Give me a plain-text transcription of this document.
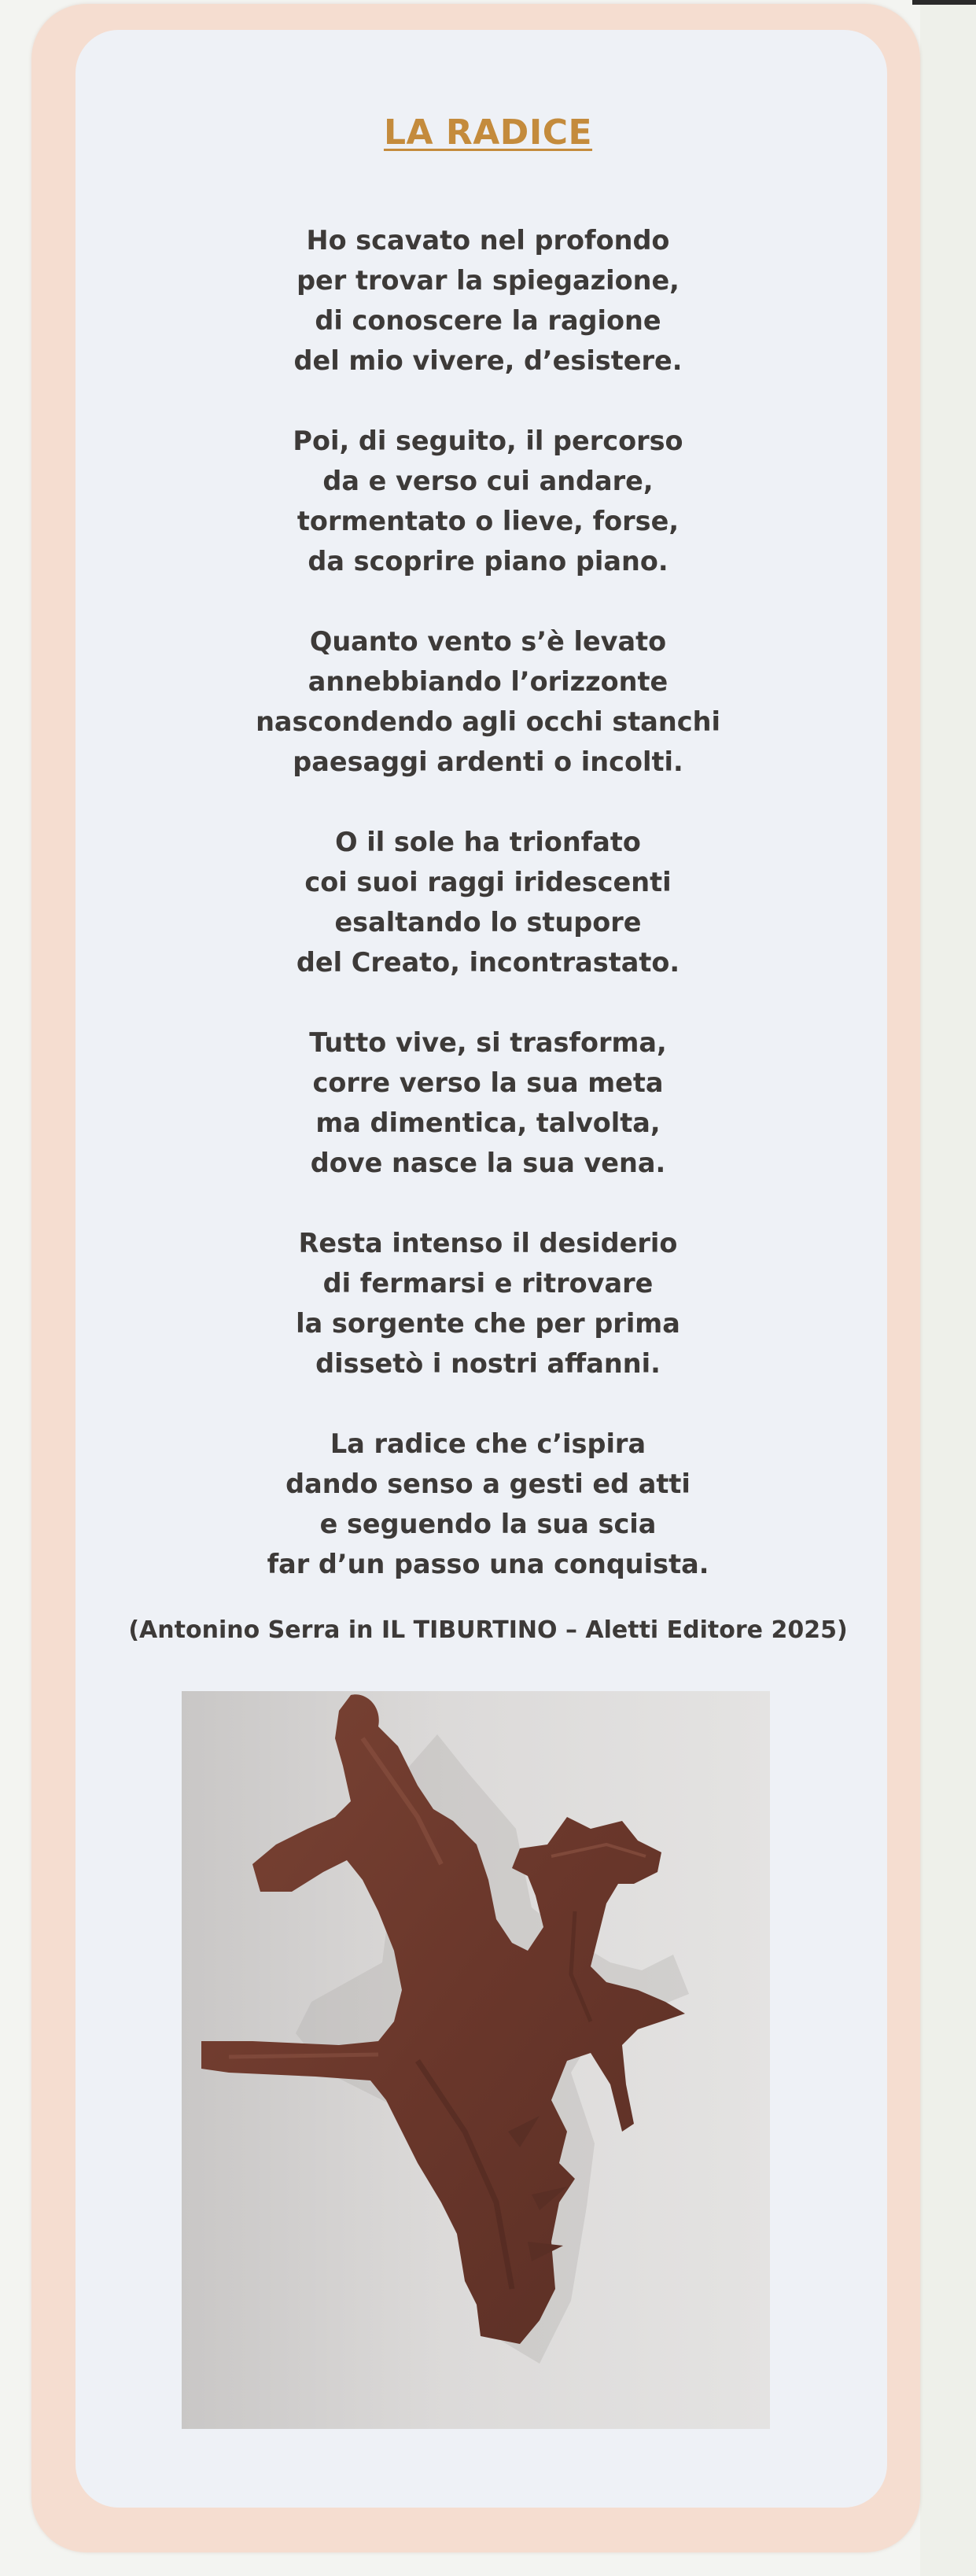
LA RADICE
Ho scavato nel profondo
per trovar la spiegazione,
di conoscere la ragione
del mio vivere, d’esistere.
Poi, di seguito, il percorso
da e verso cui andare,
tormentato o lieve, forse,
da scoprire piano piano.
Quanto vento s’è levato
annebbiando l’orizzonte
nascondendo agli occhi stanchi
paesaggi ardenti o incolti.
O il sole ha trionfato
coi suoi raggi iridescenti
esaltando lo stupore
del Creato, incontrastato.
Tutto vive, si trasforma,
corre verso la sua meta
ma dimentica, talvolta,
dove nasce la sua vena.
Resta intenso il desiderio
di fermarsi e ritrovare
la sorgente che per prima
dissetò i nostri affanni.
La radice che c’ispira
dando senso a gesti ed atti
e seguendo la sua scia
far d’un passo una conquista.
(Antonino Serra in IL TIBURTINO – Aletti Editore 2025)
